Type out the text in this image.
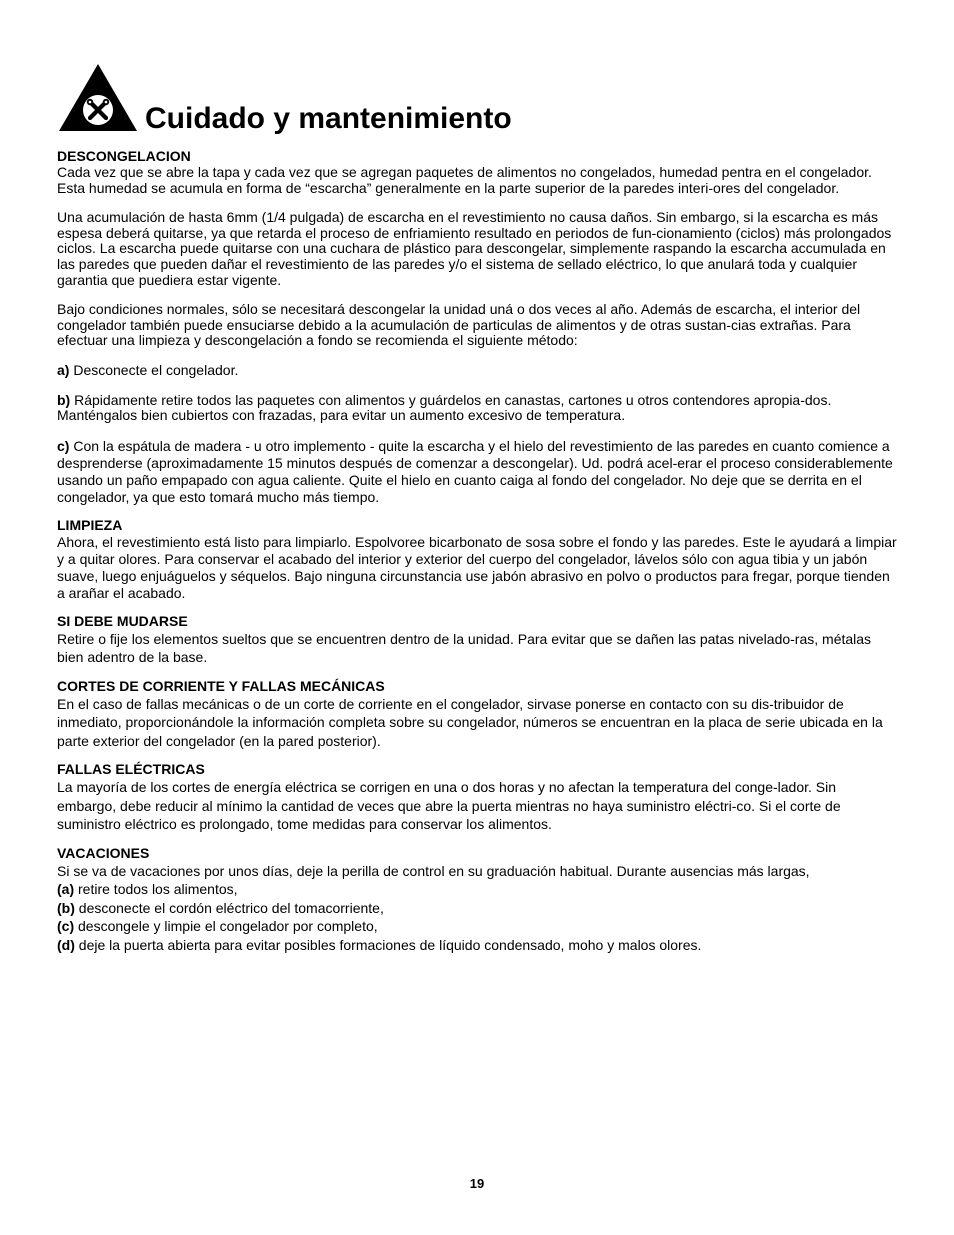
Cuidado y mantenimiento

DESCONGELACION

Cada vez que se abre la tapa y cada vez que se agregan paquetes de alimentos no congelados, humedad pentra en el congelador. Esta humedad se acumula en forma de “escarcha” generalmente en la parte superior de la paredes interi-ores del congelador.

Una acumulación de hasta 6mm (1/4 pulgada) de escarcha en el revestimiento no causa daños. Sin embargo, si la escarcha es más espesa deberá quitarse, ya que retarda el proceso de enfriamiento resultado en periodos de fun-cionamiento (ciclos) más prolongados ciclos. La escarcha puede quitarse con una cuchara de plástico para descongelar, simplemente raspando la escarcha accumulada en las paredes que pueden dañar el revestimiento de las paredes y/o el sistema de sellado eléctrico, lo que anulará toda y cualquier garantia que puediera estar vigente.

Bajo condiciones normales, sólo se necesitará descongelar la unidad uná o dos veces al año. Además de escarcha, el interior del congelador también puede ensuciarse debido a la acumulación de particulas de alimentos y de otras sustan-cias extrañas. Para efectuar una limpieza y descongelación a fondo se recomienda el siguiente método:

a) Desconecte el congelador.

b) Rápidamente retire todos las paquetes con alimentos y guárdelos en canastas, cartones u otros contendores apropia-dos. Manténgalos bien cubiertos con frazadas, para evitar un aumento excesivo de temperatura.

c) Con la espátula de madera - u otro implemento - quite la escarcha y el hielo del revestimiento de las paredes en cuanto comience a desprenderse (aproximadamente 15 minutos después de comenzar a descongelar). Ud. podrá acel-erar el proceso considerablemente usando un paño empapado con agua caliente. Quite el hielo en cuanto caiga al fondo del congelador. No deje que se derrita en el congelador, ya que esto tomará mucho más tiempo.

LIMPIEZA

Ahora, el revestimiento está listo para limpiarlo. Espolvoree bicarbonato de sosa sobre el fondo y las paredes. Este le ayudará a limpiar y a quitar olores. Para conservar el acabado del interior y exterior del cuerpo del congelador, lávelos sólo con agua tibia y un jabón suave, luego enjuáguelos y séquelos. Bajo ninguna circunstancia use jabón abrasivo en polvo o productos para fregar, porque tienden a arañar el acabado.

SI DEBE MUDARSE

Retire o fije los elementos sueltos que se encuentren dentro de la unidad. Para evitar que se dañen las patas nivelado-ras, métalas bien adentro de la base.

CORTES DE CORRIENTE Y FALLAS MECÁNICAS

En el caso de fallas mecánicas o de un corte de corriente en el congelador, sirvase ponerse en contacto con su dis-tribuidor de inmediato, proporcionándole la información completa sobre su congelador, números se encuentran en la placa de serie ubicada en la parte exterior del congelador (en la pared posterior).

FALLAS ELÉCTRICAS

La mayoría de los cortes de energía eléctrica se corrigen en una o dos horas y no afectan la temperatura del conge-lador. Sin embargo, debe reducir al mínimo la cantidad de veces que abre la puerta mientras no haya suministro eléctri-co. Si el corte de suministro eléctrico es prolongado, tome medidas para conservar los alimentos.

VACACIONES

Si se va de vacaciones por unos días, deje la perilla de control en su graduación habitual. Durante ausencias más largas,

(a) retire todos los alimentos,

(b) desconecte el cordón eléctrico del tomacorriente,

(c) descongele y limpie el congelador por completo,

(d) deje la puerta abierta para evitar posibles formaciones de líquido condensado, moho y malos olores.

19
